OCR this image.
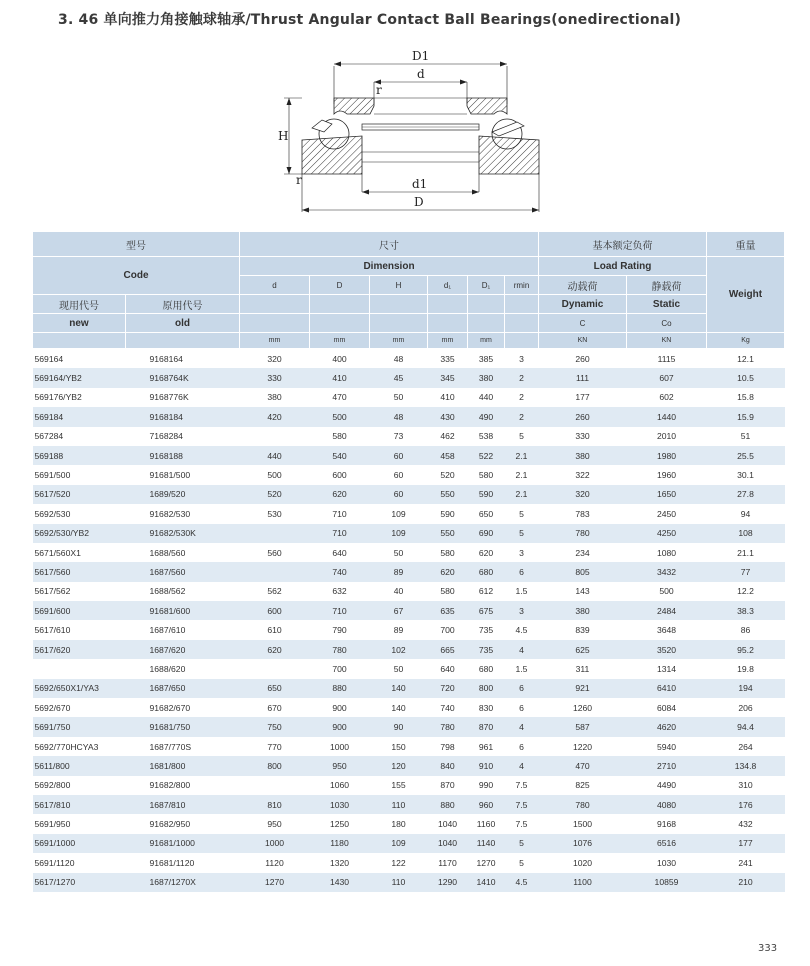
3. 46 单向推力角接触球轴承/Thrust Angular Contact Ball Bearings(onedirectional)
D1
d
r
H
r	d1
D
型号		尺寸						基本额定负荷		重量
Code		Dimension						Load Rating		Weight
		d	D	H	d₁	D₁	rmin	动载荷	静载荷	
现用代号	原用代号							Dynamic	Static	
new	old							C	Co	
		mm	mm	mm	mm	mm		KN	KN	Kg
569164	9168164	320	400	48	335	385	3	260	1115	12.1
569164/YB2	9168764K	330	410	45	345	380	2	111	607	10.5
569176/YB2	9168776K	380	470	50	410	440	2	177	602	15.8
569184	9168184	420	500	48	430	490	2	260	1440	15.9
567284	7168284		580	73	462	538	5	330	2010	51
569188	9168188	440	540	60	458	522	2.1	380	1980	25.5
5691/500	91681/500	500	600	60	520	580	2.1	322	1960	30.1
5617/520	1689/520	520	620	60	550	590	2.1	320	1650	27.8
5692/530	91682/530	530	710	109	590	650	5	783	2450	94
5692/530/YB2	91682/530K		710	109	550	690	5	780	4250	108
5671/560X1	1688/560	560	640	50	580	620	3	234	1080	21.1
5617/560	1687/560		740	89	620	680	6	805	3432	77
5617/562	1688/562	562	632	40	580	612	1.5	143	500	12.2
5691/600	91681/600	600	710	67	635	675	3	380	2484	38.3
5617/610	1687/610	610	790	89	700	735	4.5	839	3648	86
5617/620	1687/620	620	780	102	665	735	4	625	3520	95.2
	1688/620		700	50	640	680	1.5	311	1314	19.8
5692/650X1/YA3	1687/650	650	880	140	720	800	6	921	6410	194
5692/670	91682/670	670	900	140	740	830	6	1260	6084	206
5691/750	91681/750	750	900	90	780	870	4	587	4620	94.4
5692/770HCYA3	1687/770S	770	1000	150	798	961	6	1220	5940	264
5611/800	1681/800	800	950	120	840	910	4	470	2710	134.8
5692/800	91682/800		1060	155	870	990	7.5	825	4490	310
5617/810	1687/810	810	1030	110	880	960	7.5	780	4080	176
5691/950	91682/950	950	1250	180	1040	1160	7.5	1500	9168	432
5691/1000	91681/1000	1000	1180	109	1040	1140	5	1076	6516	177
5691/1120	91681/1120	1120	1320	122	1170	1270	5	1020	1030	241
5617/1270	1687/1270X	1270	1430	110	1290	1410	4.5	1100	10859	210
333
